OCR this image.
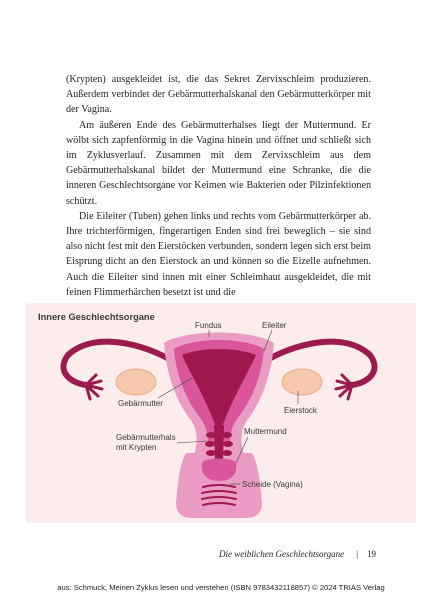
(Krypten) ausgekleidet ist, die das Sekret Zervixschleim produzieren. Außerdem verbindet der Gebärmutterhalskanal den Gebärmutterkörper mit der Vagina.

Am äußeren Ende des Gebärmutterhalses liegt der Muttermund. Er wölbt sich zapfenförmig in die Vagina hinein und öffnet und schließt sich im Zyklusverlauf. Zusammen mit dem Zervixschleim aus dem Gebärmutterhalskanal bildet der Muttermund eine Schranke, die die inneren Geschlechtsorgane vor Keimen wie Bakterien oder Pilzinfektionen schützt.

Die Eileiter (Tuben) gehen links und rechts vom Gebärmutterkörper ab. Ihre trichterförmigen, fingerartigen Enden sind frei beweglich – sie sind also nicht fest mit den Eierstöcken verbunden, sondern legen sich erst beim Eisprung dicht an den Eierstock an und können so die Eizelle aufnehmen. Auch die Eileiter sind innen mit einer Schleimhaut ausgekleidet, die mit feinen Flimmerhärchen besetzt ist und die

Fundus	Eileiter
Gebärmutter
Eierstock
Gebärmutterhals
mit Krypten
Muttermund
Scheide (Vagina)
Innere Geschlechtsorgane
Die weiblichen Geschlechtsorgane | 19
aus: Schmuck, Meinen Zyklus lesen und verstehen (ISBN 9783432118857) © 2024 TRIAS Verlag
